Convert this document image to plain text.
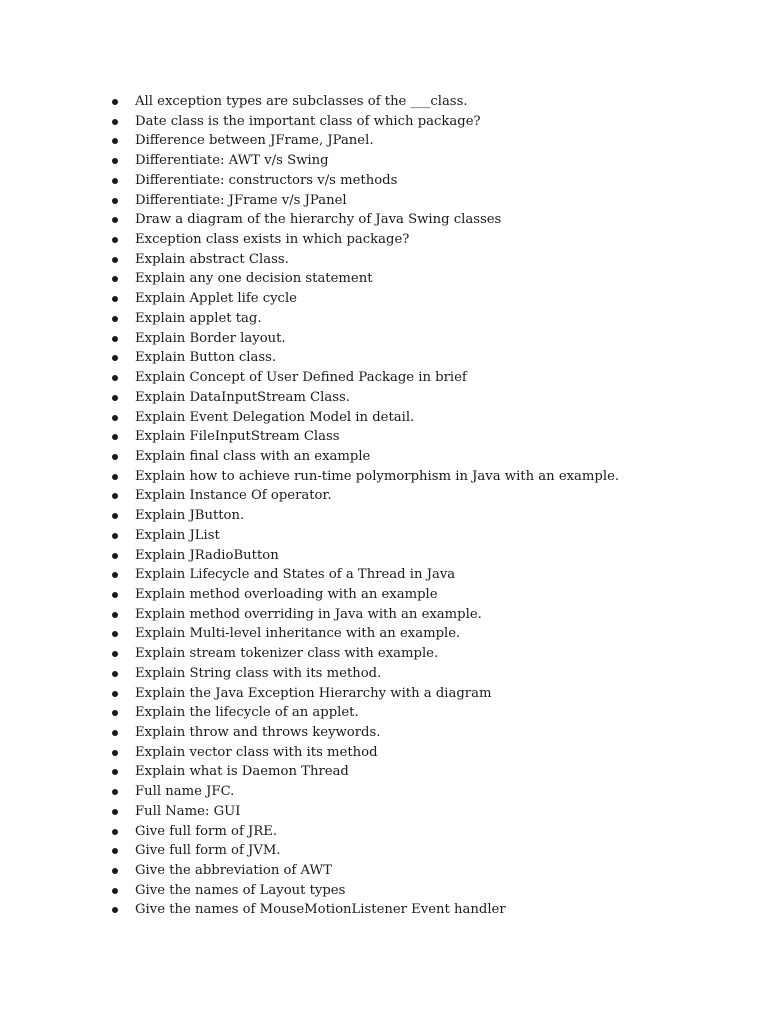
All exception types are subclasses of the ___class.
Date class is the important class of which package?
Difference between JFrame, JPanel.
Differentiate: AWT v/s Swing
Differentiate: constructors v/s methods
Differentiate: JFrame v/s JPanel
Draw a diagram of the hierarchy of Java Swing classes
Exception class exists in which package?
Explain abstract Class.
Explain any one decision statement
Explain Applet life cycle
Explain applet tag.
Explain Border layout.
Explain Button class.
Explain Concept of User Defined Package in brief
Explain DataInputStream Class.
Explain Event Delegation Model in detail.
Explain FileInputStream Class
Explain final class with an example
Explain how to achieve run-time polymorphism in Java with an example.
Explain Instance Of operator.
Explain JButton.
Explain JList
Explain JRadioButton
Explain Lifecycle and States of a Thread in Java
Explain method overloading with an example
Explain method overriding in Java with an example.
Explain Multi-level inheritance with an example.
Explain stream tokenizer class with example.
Explain String class with its method.
Explain the Java Exception Hierarchy with a diagram
Explain the lifecycle of an applet.
Explain throw and throws keywords.
Explain vector class with its method
Explain what is Daemon Thread
Full name JFC.
Full Name: GUI
Give full form of JRE.
Give full form of JVM.
Give the abbreviation of AWT
Give the names of Layout types
Give the names of MouseMotionListener Event handler
